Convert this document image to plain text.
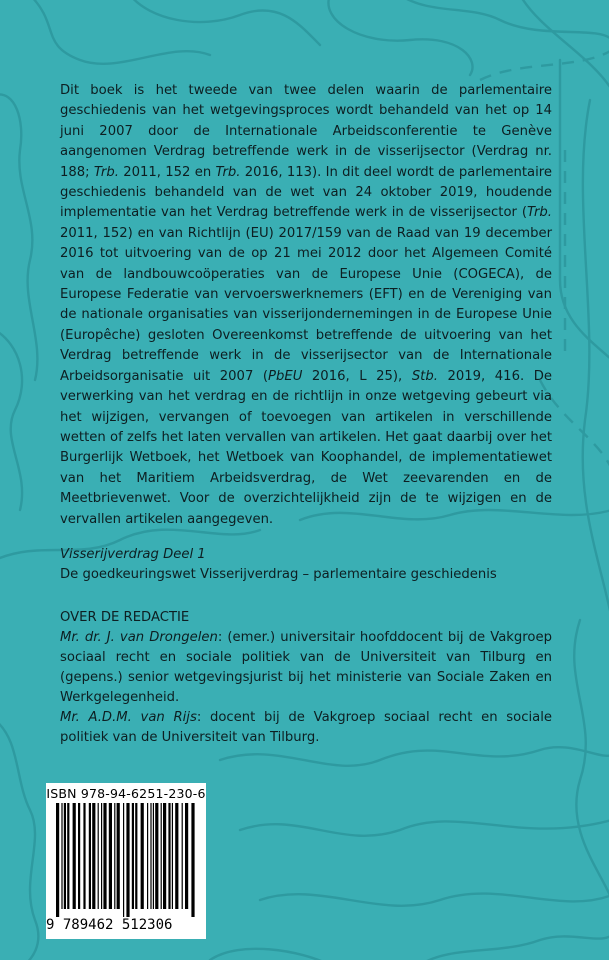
Dit boek is het tweede van twee delen waarin de parlementaire geschiedenis van het wetgevingsproces wordt behandeld van het op 14 juni 2007 door de Internationale Arbeidsconferentie te Genève aangenomen Verdrag betreffende werk in de visserijsector (Verdrag nr. 188; Trb. 2011, 152 en Trb. 2016, 113). In dit deel wordt de parlementaire geschiedenis behandeld van de wet van 24 oktober 2019, houdende implementatie van het Verdrag betreffende werk in de visserijsector (Trb. 2011, 152) en van Richtlijn (EU) 2017/159 van de Raad van 19 december 2016 tot uitvoering van de op 21 mei 2012 door het Algemeen Comité van de landbouwcoöperaties van de Europese Unie (COGECA), de Europese Federatie van vervoerswerknemers (EFT) en de Vereniging van de nationale organisaties van visserijondernemingen in de Europese Unie (Europêche) gesloten Overeenkomst betreffende de uitvoering van het Verdrag betreffende werk in de visserijsector van de Internationale Arbeidsorganisatie uit 2007 (PbEU 2016, L 25), Stb. 2019, 416. De verwerking van het verdrag en de richtlijn in onze wetgeving gebeurt via het wijzigen, vervangen of toevoegen van artikelen in verschillende wetten of zelfs het laten vervallen van artikelen. Het gaat daarbij over het Burgerlijk Wetboek, het Wetboek van Koophandel, de implementatiewet van het Maritiem Arbeidsverdrag, de Wet zeevarenden en de Meetbrievenwet. Voor de overzichtelijkheid zijn de te wijzigen en de vervallen artikelen aangegeven.

Visserijverdrag Deel 1

De goedkeuringswet Visserijverdrag – parlementaire geschiedenis

OVER DE REDACTIE

Mr. dr. J. van Drongelen: (emer.) universitair hoofddocent bij de Vakgroep sociaal recht en sociale politiek van de Universiteit van Tilburg en (gepens.) senior wetgevingsjurist bij het ministerie van Sociale Zaken en Werkgelegenheid.

Mr. A.D.M. van Rijs: docent bij de Vakgroep sociaal recht en sociale politiek van de Universiteit van Tilburg.

ISBN 978-94-6251-230-6
9 789462 512306
